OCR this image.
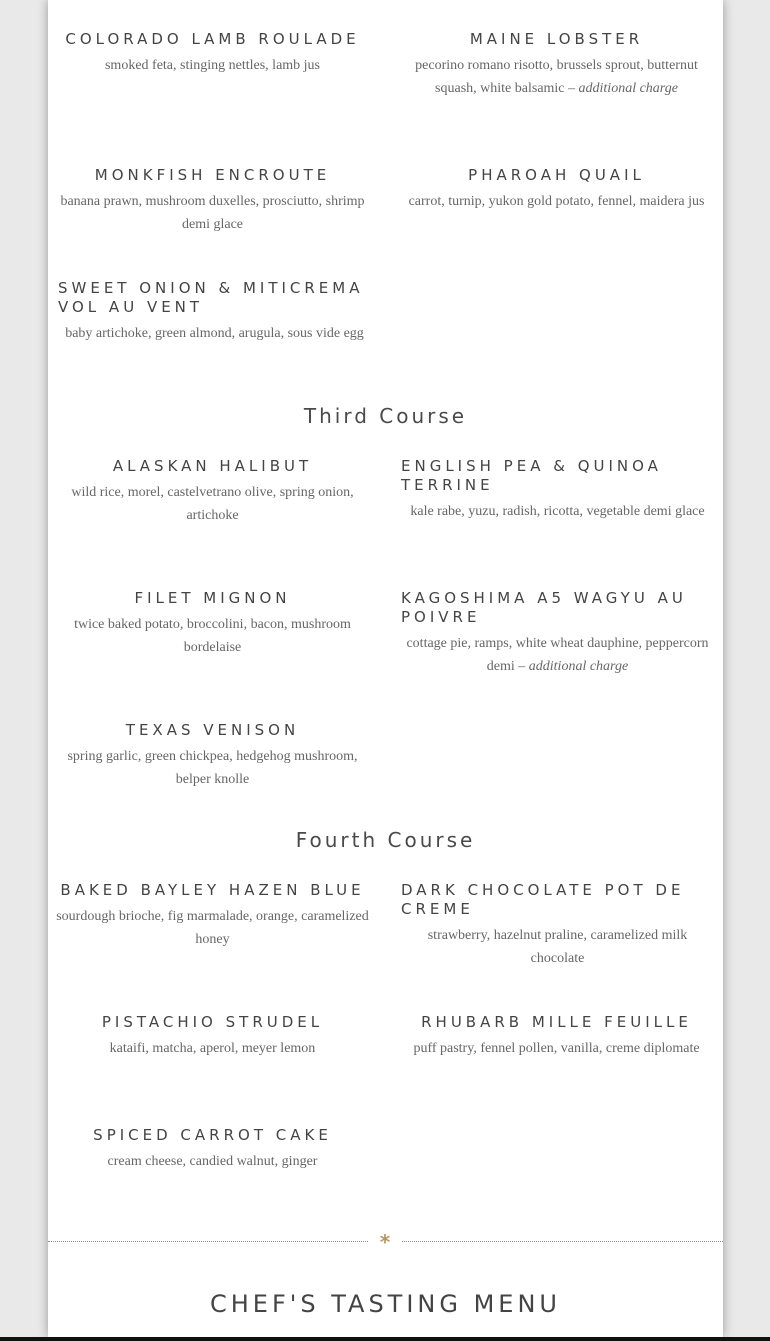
COLORADO LAMB ROULADE
smoked feta, stinging nettles, lamb jus
MAINE LOBSTER
pecorino romano risotto, brussels sprout, butternut squash, white balsamic – additional charge
MONKFISH ENCROUTE
banana prawn, mushroom duxelles, prosciutto, shrimp demi glace
PHAROAH QUAIL
carrot, turnip, yukon gold potato, fennel, maidera jus
SWEET ONION & MITICREMA
VOL AU VENT
baby artichoke, green almond, arugula, sous vide egg
Third Course
ALASKAN HALIBUT
wild rice, morel, castelvetrano olive, spring onion, artichoke
ENGLISH PEA & QUINOA
TERRINE
kale rabe, yuzu, radish, ricotta, vegetable demi glace
FILET MIGNON
twice baked potato, broccolini, bacon, mushroom bordelaise
KAGOSHIMA A5 WAGYU AU
POIVRE
cottage pie, ramps, white wheat dauphine, peppercorn demi – additional charge
TEXAS VENISON
spring garlic, green chickpea, hedgehog mushroom, belper knolle
Fourth Course
BAKED BAYLEY HAZEN BLUE
sourdough brioche, fig marmalade, orange, caramelized honey
DARK CHOCOLATE POT DE
CREME
strawberry, hazelnut praline, caramelized milk chocolate
PISTACHIO STRUDEL
kataifi, matcha, aperol, meyer lemon
RHUBARB MILLE FEUILLE
puff pastry, fennel pollen, vanilla, creme diplomate
SPICED CARROT CAKE
cream cheese, candied walnut, ginger
*
CHEF'S TASTING MENU
